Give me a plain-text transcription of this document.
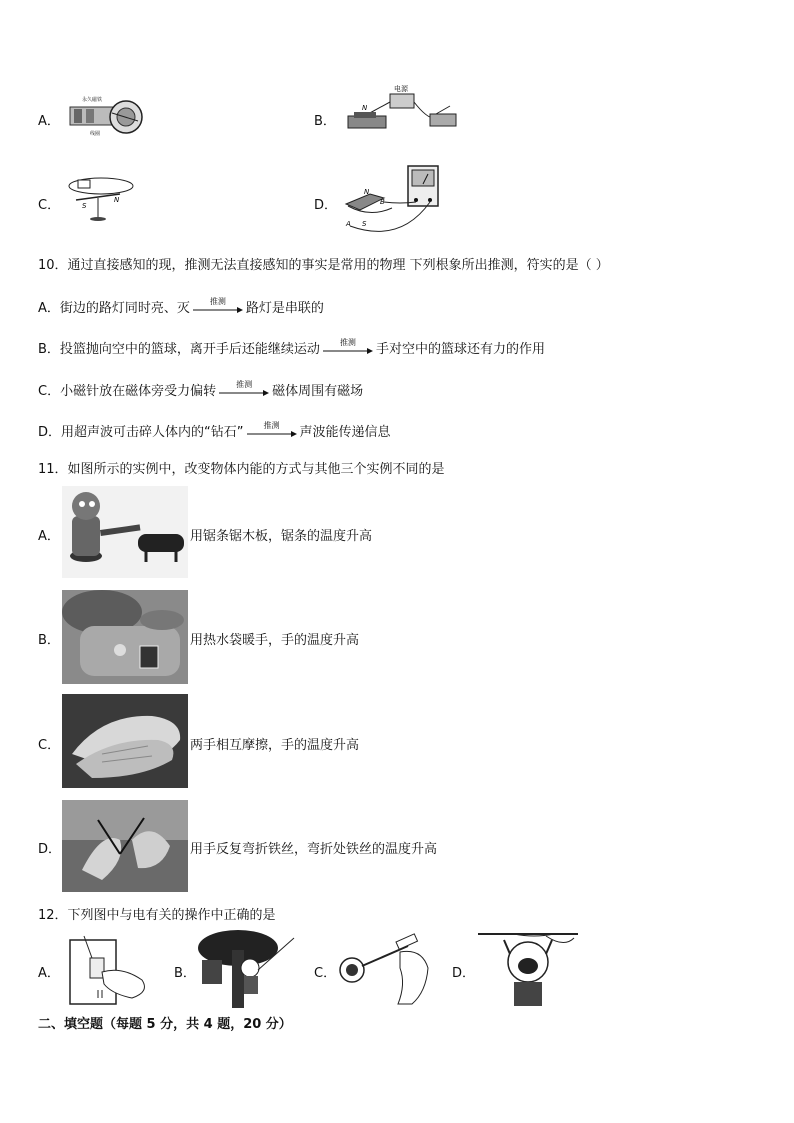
A．
永久磁铁
线圈
B．
电源
N
C．	S
N	D．
N
S
A
B
10．通过直接感知的现，推测无法直接感知的事实是常用的物理 下列根象所出推测，符实的是（ ）
A．街边的路灯同时亮、灭	推测	路灯是串联的
B．投篮抛向空中的篮球，离开手后还能继续运动	推测	手对空中的篮球还有力的作用
C．小磁针放在磁体旁受力偏转	推测	磁体周围有磁场
D．用超声波可击碎人体内的“钻石”	推测	声波能传递信息
11．如图所示的实例中，改变物体内能的方式与其他三个实例不同的是
A．	用锯条锯木板，锯条的温度升高
B．	用热水袋暖手，手的温度升高
C．	两手相互摩擦，手的温度升高
D．	用手反复弯折铁丝，弯折处铁丝的温度升高
12．下列图中与电有关的操作中正确的是
A．	B．	C．	D．
二、填空题（每题 5 分，共 4 题，20 分）
